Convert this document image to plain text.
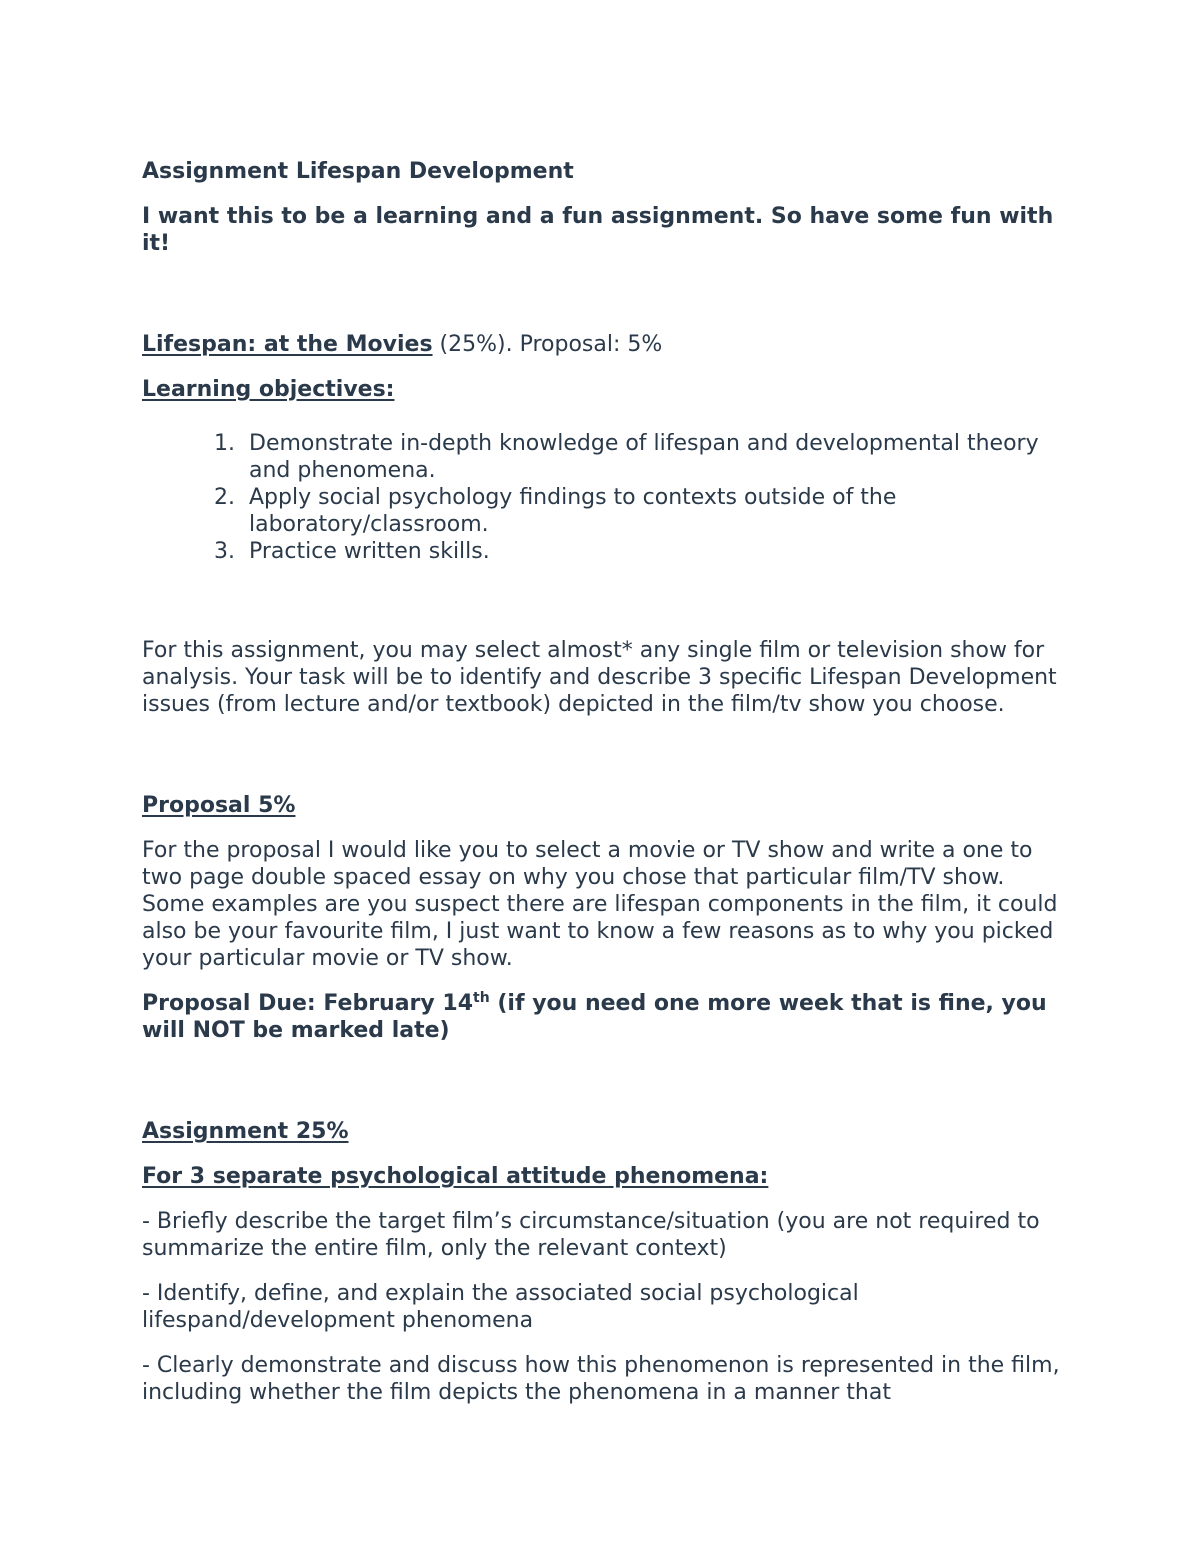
Assignment Lifespan Development

I want this to be a learning and a fun assignment. So have some fun with it!

Lifespan: at the Movies (25%). Proposal: 5%

Learning objectives:

1. Demonstrate in-depth knowledge of lifespan and developmental theory and phenomena.
2. Apply social psychology findings to contexts outside of the laboratory/classroom.
3. Practice written skills.

For this assignment, you may select almost* any single film or television show for analysis. Your task will be to identify and describe 3 specific Lifespan Development issues (from lecture and/or textbook) depicted in the film/tv show you choose.

Proposal 5%

For the proposal I would like you to select a movie or TV show and write a one to two page double spaced essay on why you chose that particular film/TV show. Some examples are you suspect there are lifespan components in the film, it could also be your favourite film, I just want to know a few reasons as to why you picked your particular movie or TV show.

Proposal Due: February 14th (if you need one more week that is fine, you will NOT be marked late)

Assignment 25%

For 3 separate psychological attitude phenomena:

- Briefly describe the target film’s circumstance/situation (you are not required to summarize the entire film, only the relevant context)

- Identify, define, and explain the associated social psychological lifespand/development phenomena

- Clearly demonstrate and discuss how this phenomenon is represented in the film, including whether the film depicts the phenomena in a manner that
